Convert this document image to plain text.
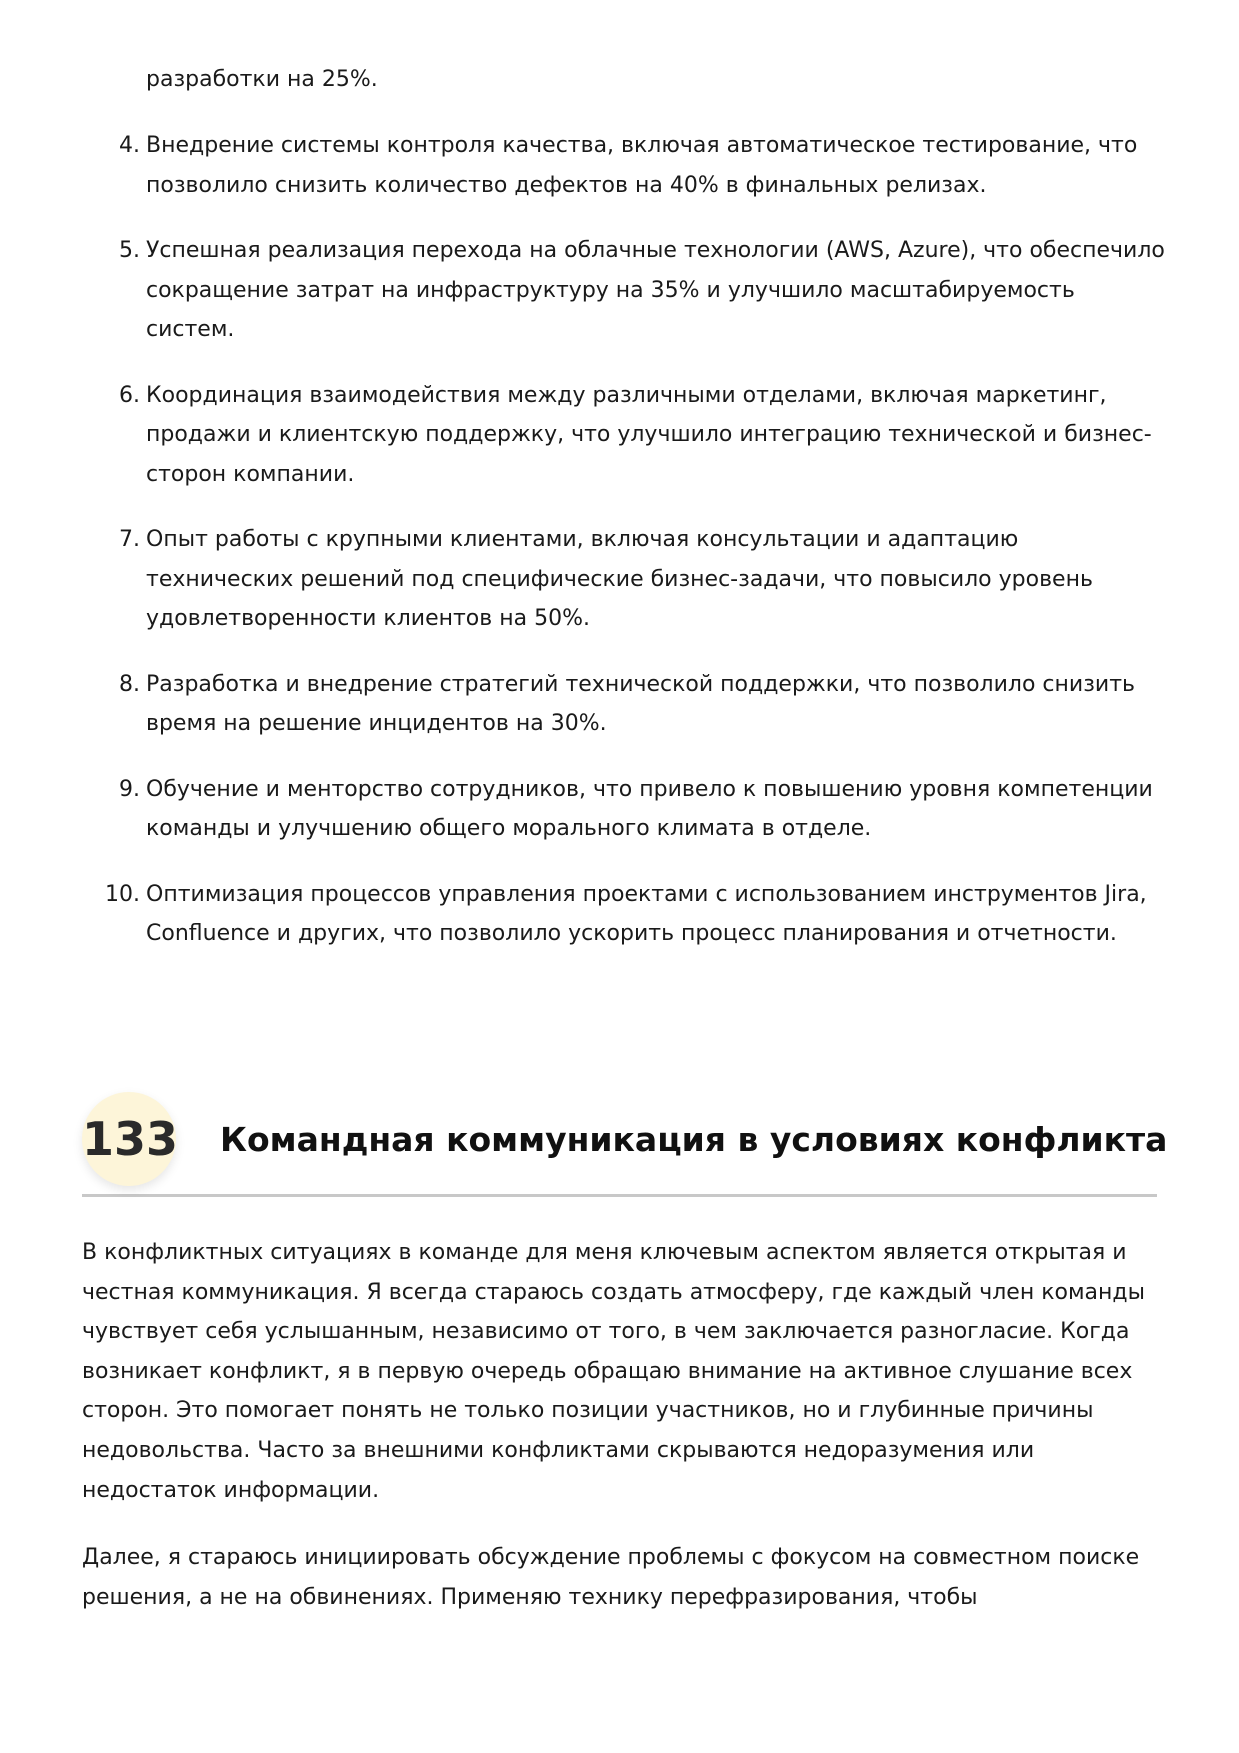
разработки на 25%.
4. Внедрение системы контроля качества, включая автоматическое тестирование, что позволило снизить количество дефектов на 40% в финальных релизах.
5. Успешная реализация перехода на облачные технологии (AWS, Azure), что обеспечило сокращение затрат на инфраструктуру на 35% и улучшило масштабируемость систем.
6. Координация взаимодействия между различными отделами, включая маркетинг, продажи и клиентскую поддержку, что улучшило интеграцию технической и бизнес-сторон компании.
7. Опыт работы с крупными клиентами, включая консультации и адаптацию технических решений под специфические бизнес-задачи, что повысило уровень удовлетворенности клиентов на 50%.
8. Разработка и внедрение стратегий технической поддержки, что позволило снизить время на решение инцидентов на 30%.
9. Обучение и менторство сотрудников, что привело к повышению уровня компетенции команды и улучшению общего морального климата в отделе.
10. Оптимизация процессов управления проектами с использованием инструментов Jira, Confluence и других, что позволило ускорить процесс планирования и отчетности.
133 Командная коммуникация в условиях конфликта

В конфликтных ситуациях в команде для меня ключевым аспектом является открытая и честная коммуникация. Я всегда стараюсь создать атмосферу, где каждый член команды чувствует себя услышанным, независимо от того, в чем заключается разногласие. Когда возникает конфликт, я в первую очередь обращаю внимание на активное слушание всех сторон. Это помогает понять не только позиции участников, но и глубинные причины недовольства. Часто за внешними конфликтами скрываются недоразумения или недостаток информации.

Далее, я стараюсь инициировать обсуждение проблемы с фокусом на совместном поиске решения, а не на обвинениях. Применяю технику перефразирования, чтобы
